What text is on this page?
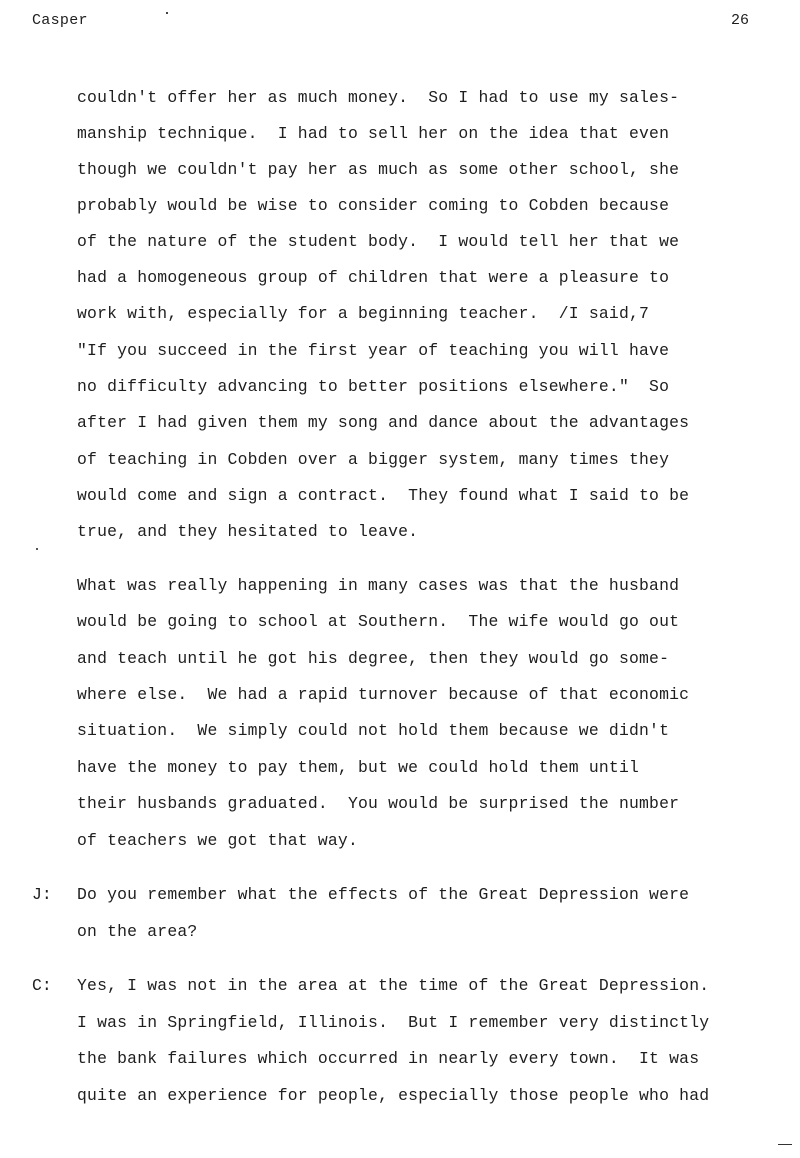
Casper	26
couldn't offer her as much money.  So I had to use my sales-
manship technique.  I had to sell her on the idea that even
though we couldn't pay her as much as some other school, she
probably would be wise to consider coming to Cobden because
of the nature of the student body.  I would tell her that we
had a homogeneous group of children that were a pleasure to
work with, especially for a beginning teacher.  /I said,7
"If you succeed in the first year of teaching you will have
no difficulty advancing to better positions elsewhere."  So
after I had given them my song and dance about the advantages
of teaching in Cobden over a bigger system, many times they
would come and sign a contract.  They found what I said to be
true, and they hesitated to leave.
What was really happening in many cases was that the husband
would be going to school at Southern.  The wife would go out
and teach until he got his degree, then they would go some-
where else.  We had a rapid turnover because of that economic
situation.  We simply could not hold them because we didn't
have the money to pay them, but we could hold them until
their husbands graduated.  You would be surprised the number
of teachers we got that way.
J: Do you remember what the effects of the Great Depression were
on the area?
C: Yes, I was not in the area at the time of the Great Depression.
I was in Springfield, Illinois.  But I remember very distinctly
the bank failures which occurred in nearly every town.  It was
quite an experience for people, especially those people who had
